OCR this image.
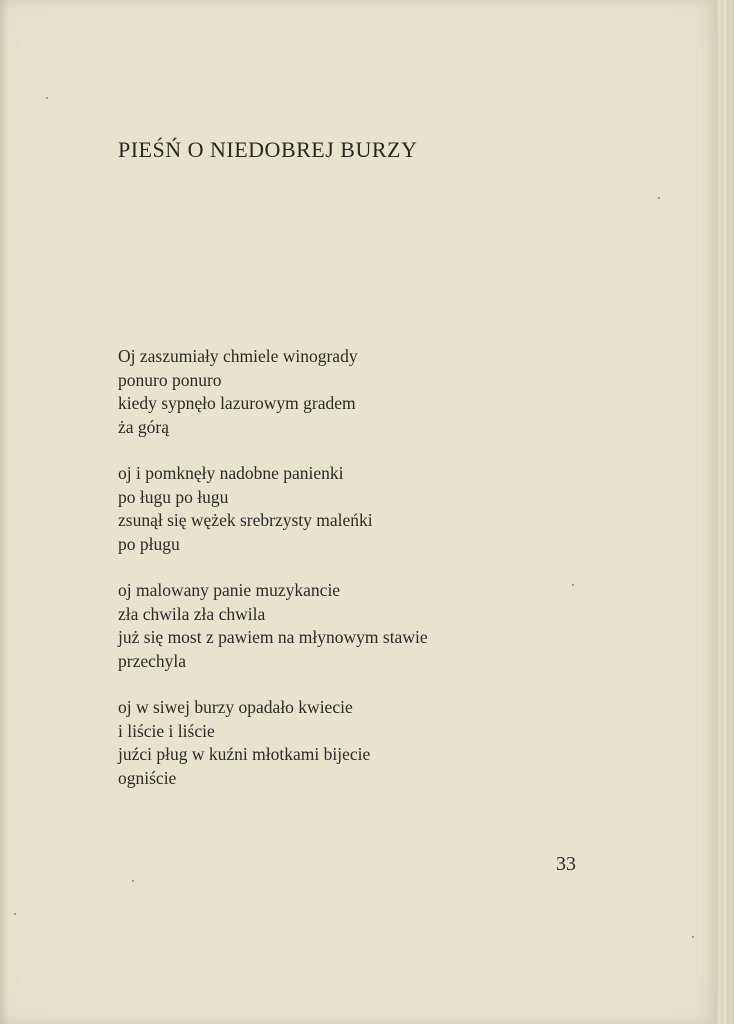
PIEŚŃ O NIEDOBREJ BURZY
Oj zaszumiały chmiele winogrady
ponuro ponuro
kiedy sypnęło lazurowym gradem
ża górą
oj i pomknęły nadobne panienki
po ługu po ługu
zsunął się wężek srebrzysty maleńki
po pługu
oj malowany panie muzykancie
zła chwila zła chwila
już się most z pawiem na młynowym stawie
przechyla
oj w siwej burzy opadało kwiecie
i liście i liście
juźci pług w kuźni młotkami bijecie
ogniście
33
